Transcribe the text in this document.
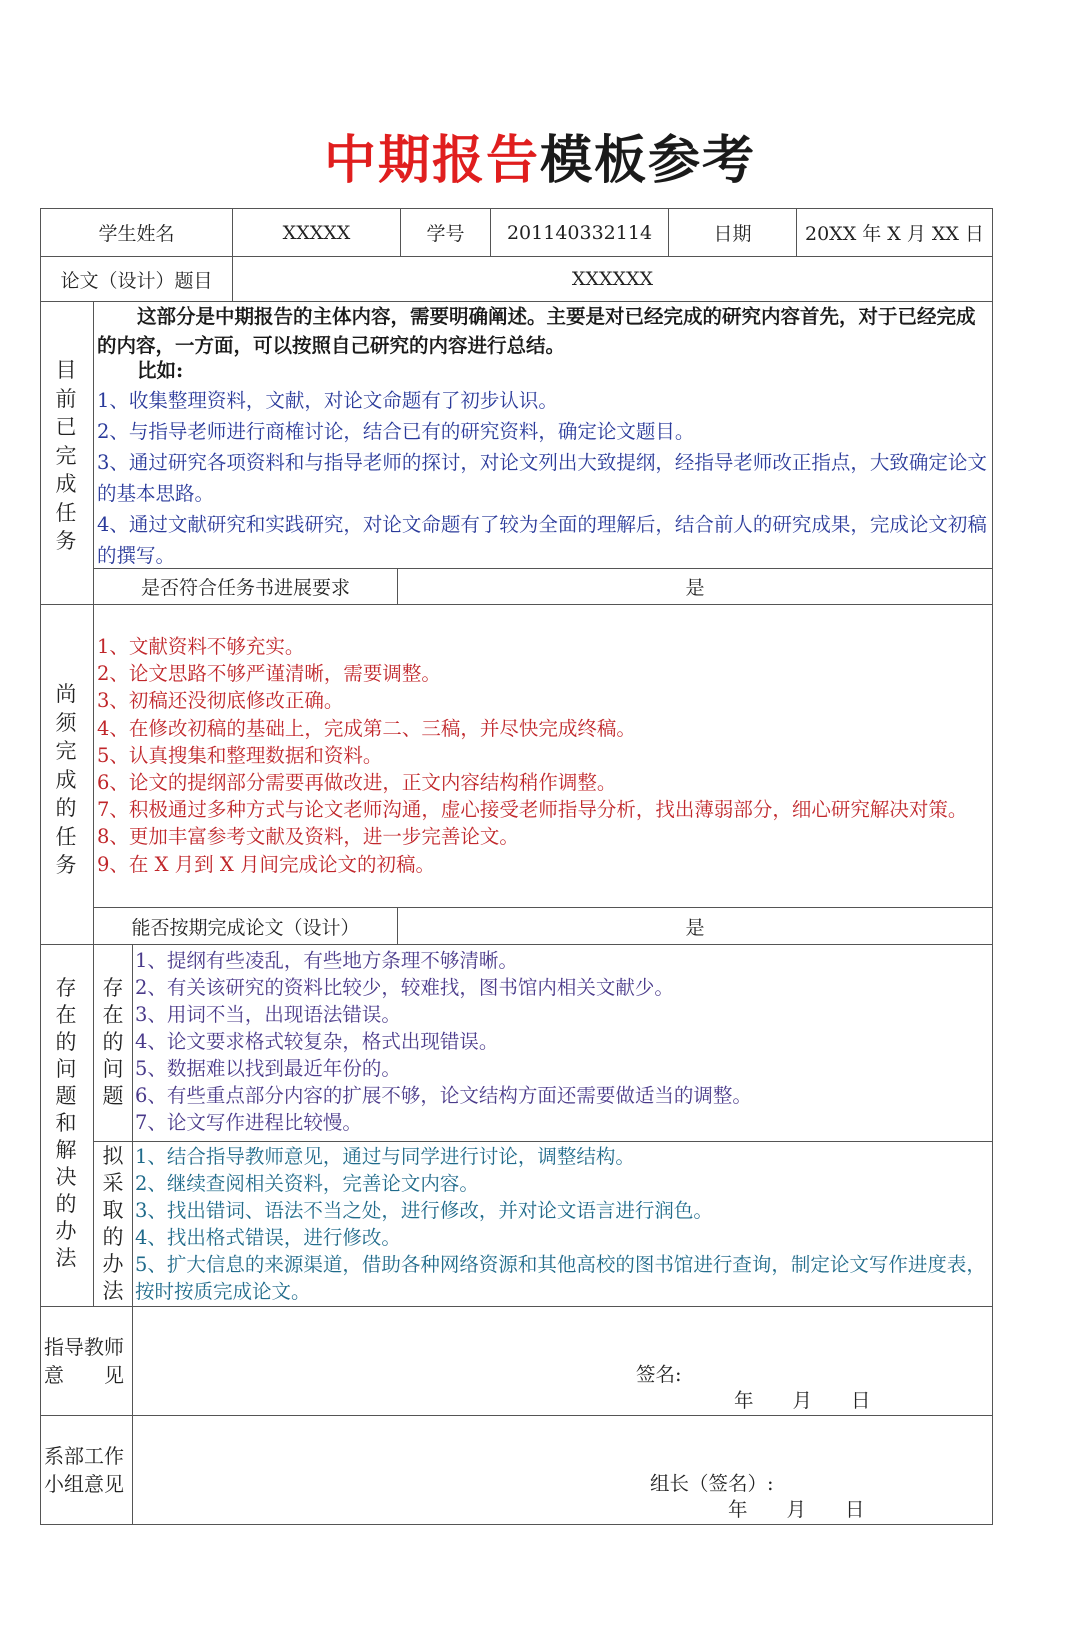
中期报告模板参考
学生姓名	XXXXX	学号	201140332114	日期	20XX 年 X 月 XX 日
论文（设计）题目	XXXXXX
目前已完成任务
这部分是中期报告的主体内容，需要明确阐述。主要是对已经完成的研究内容首先，对于已经完成的内容，一方面，可以按照自己研究的内容进行总结。
比如:
1、收集整理资料，文献，对论文命题有了初步认识。
2、与指导老师进行商榷讨论，结合已有的研究资料，确定论文题目。
3、通过研究各项资料和与指导老师的探讨，对论文列出大致提纲，经指导老师改正指点，大致确定论文的基本思路。
4、通过文献研究和实践研究，对论文命题有了较为全面的理解后，结合前人的研究成果，完成论文初稿的撰写。
是否符合任务书进展要求	是
尚须完成的任务
1、文献资料不够充实。
2、论文思路不够严谨清晰，需要调整。
3、初稿还没彻底修改正确。
4、在修改初稿的基础上，完成第二、三稿，并尽快完成终稿。
5、认真搜集和整理数据和资料。
6、论文的提纲部分需要再做改进，正文内容结构稍作调整。
7、积极通过多种方式与论文老师沟通，虚心接受老师指导分析，找出薄弱部分，细心研究解决对策。
8、更加丰富参考文献及资料，进一步完善论文。
9、在 X 月到 X 月间完成论文的初稿。
能否按期完成论文（设计）	是
存在的问题和解决的办法
存在的问题
1、提纲有些凌乱，有些地方条理不够清晰。
2、有关该研究的资料比较少，较难找，图书馆内相关文献少。
3、用词不当，出现语法错误。
4、论文要求格式较复杂，格式出现错误。
5、数据难以找到最近年份的。
6、有些重点部分内容的扩展不够，论文结构方面还需要做适当的调整。
7、论文写作进程比较慢。
拟采取的办法
1、结合指导教师意见，通过与同学进行讨论，调整结构。
2、继续查阅相关资料，完善论文内容。
3、找出错词、语法不当之处，进行修改，并对论文语言进行润色。
4、找出格式错误，进行修改。
5、扩大信息的来源渠道，借助各种网络资源和其他高校的图书馆进行查询，制定论文写作进度表，按时按质完成论文。
指导教师
意　　见	签名:
年　　月　　日
系部工作
小组意见	组长（签名）:
年　　月　　日
